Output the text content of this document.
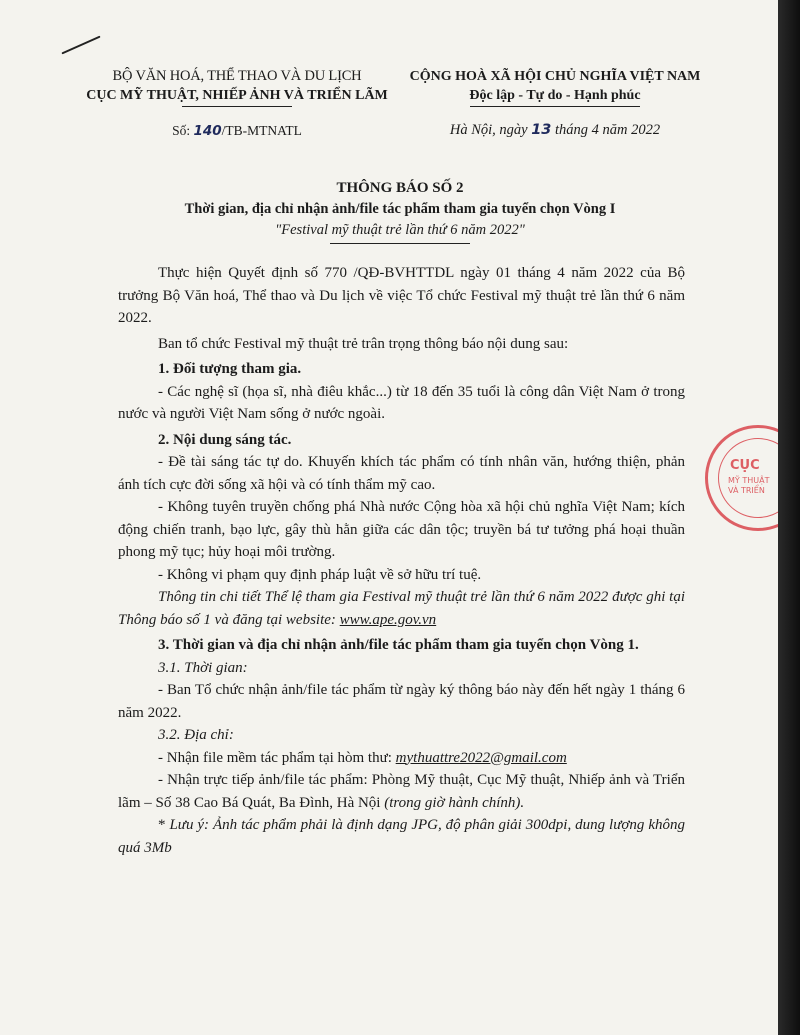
BỘ VĂN HOÁ, THỂ THAO VÀ DU LỊCH
CỤC MỸ THUẬT, NHIẾP ẢNH VÀ TRIỂN LÃM
Số: 140/TB-MTNATL
CỘNG HOÀ XÃ HỘI CHỦ NGHĨA VIỆT NAM
Độc lập - Tự do - Hạnh phúc
Hà Nội, ngày 13 tháng 4 năm 2022
THÔNG BÁO SỐ 2
Thời gian, địa chỉ nhận ảnh/file tác phẩm tham gia tuyển chọn Vòng I
"Festival mỹ thuật trẻ lần thứ 6 năm 2022"

Thực hiện Quyết định số 770 /QĐ-BVHTTDL ngày 01 tháng 4 năm 2022 của Bộ trưởng Bộ Văn hoá, Thể thao và Du lịch về việc Tổ chức Festival mỹ thuật trẻ lần thứ 6 năm 2022.

Ban tổ chức Festival mỹ thuật trẻ trân trọng thông báo nội dung sau:

1. Đối tượng tham gia.

- Các nghệ sĩ (họa sĩ, nhà điêu khắc...) từ 18 đến 35 tuổi là công dân Việt Nam ở trong nước và người Việt Nam sống ở nước ngoài.

2. Nội dung sáng tác.

- Đề tài sáng tác tự do. Khuyến khích tác phẩm có tính nhân văn, hướng thiện, phản ánh tích cực đời sống xã hội và có tính thẩm mỹ cao.

- Không tuyên truyền chống phá Nhà nước Cộng hòa xã hội chủ nghĩa Việt Nam; kích động chiến tranh, bạo lực, gây thù hằn giữa các dân tộc; truyền bá tư tưởng phá hoại thuần phong mỹ tục; hủy hoại môi trường.

- Không vi phạm quy định pháp luật về sở hữu trí tuệ.

Thông tin chi tiết Thể lệ tham gia Festival mỹ thuật trẻ lần thứ 6 năm 2022 được ghi tại Thông báo số 1 và đăng tại website: www.ape.gov.vn

3. Thời gian và địa chỉ nhận ảnh/file tác phẩm tham gia tuyển chọn Vòng 1.

3.1. Thời gian:

- Ban Tổ chức nhận ảnh/file tác phẩm từ ngày ký thông báo này đến hết ngày 1 tháng 6 năm 2022.

3.2. Địa chỉ:

- Nhận file mềm tác phẩm tại hòm thư: mythuattre2022@gmail.com

- Nhận trực tiếp ảnh/file tác phẩm: Phòng Mỹ thuật, Cục Mỹ thuật, Nhiếp ảnh và Triển lãm – Số 38 Cao Bá Quát, Ba Đình, Hà Nội (trong giờ hành chính).

* Lưu ý: Ảnh tác phẩm phải là định dạng JPG, độ phân giải 300dpi, dung lượng không quá 3Mb

CỤC
MỸ THUẬT
VÀ TRIỂN
